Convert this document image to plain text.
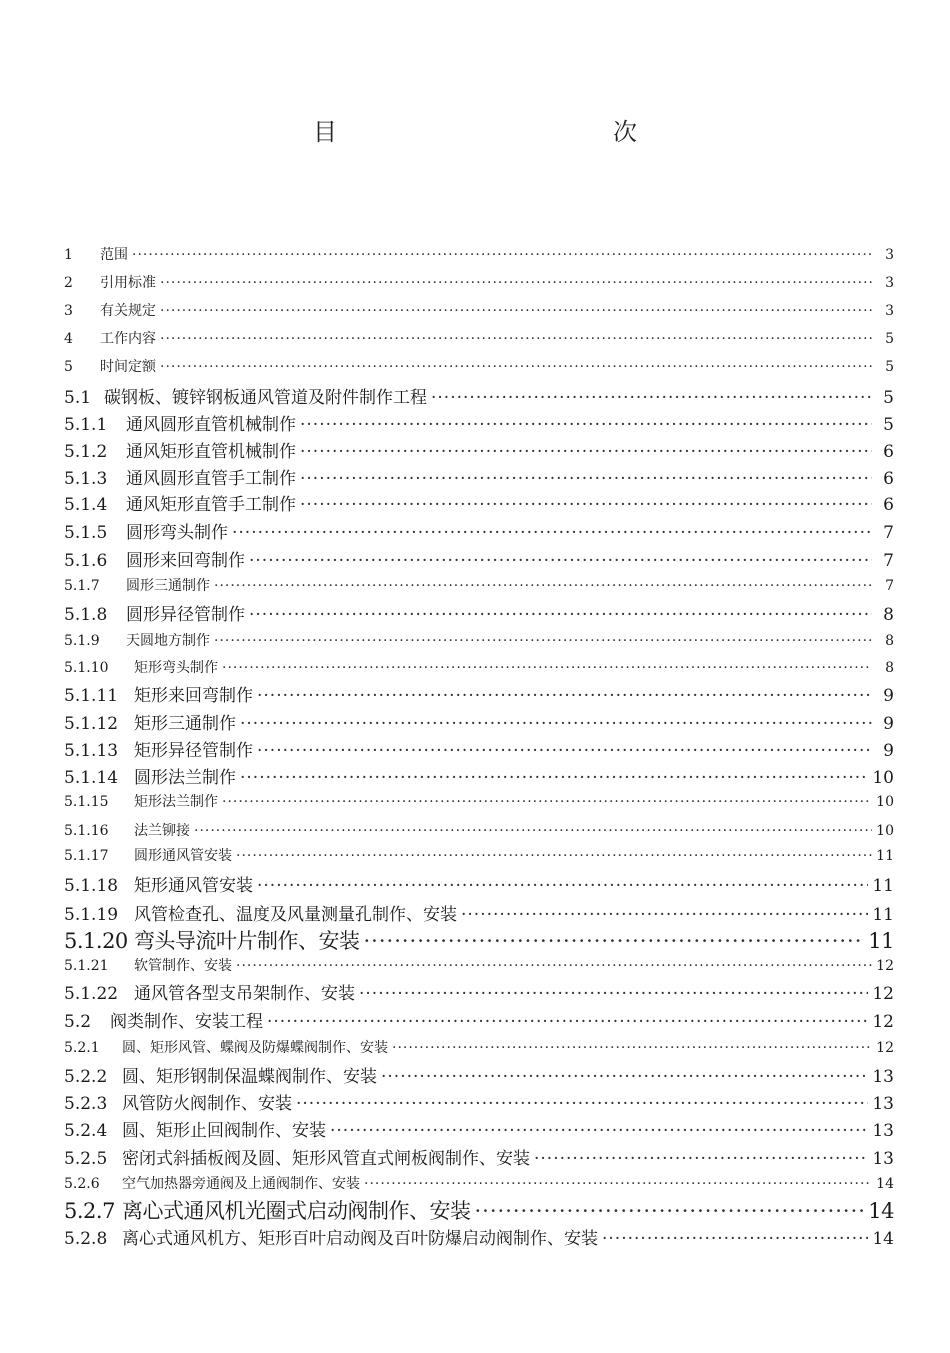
目　　次
1	范围 ·····	3
2	引用标准 ·····	3
3	有关规定 ·····	3
4	工作内容 ·····	5
5	时间定额 ·····	5
5.1 碳钢板、镀锌钢板通风管道及附件制作工程 ·····	5
5.1.1	通风圆形直管机械制作 ·····	5
5.1.2	通风矩形直管机械制作 ·····	6
5.1.3	通风圆形直管手工制作 ·····	6
5.1.4	通风矩形直管手工制作 ·····	6
5.1.5	圆形弯头制作 ·····	7
5.1.6	圆形来回弯制作 ·····	7
5.1.7	圆形三通制作 ·····	7
5.1.8	圆形异径管制作 ·····	8
5.1.9	天圆地方制作 ·····	8
5.1.10	矩形弯头制作 ·····	8
5.1.11 矩形来回弯制作 ·····	9
5.1.12 矩形三通制作 ·····	9
5.1.13 矩形异径管制作 ·····	9
5.1.14 圆形法兰制作 ·····	10
5.1.15	矩形法兰制作 ·····	10
5.1.16	法兰铆接 ·····	10
5.1.17	圆形通风管安装 ·····	11
5.1.18 矩形通风管安装 ·····	11
5.1.19 风管检查孔、温度及风量测量孔制作、安装 ·····	11
5.1.20 弯头导流叶片制作、安装 ·····	11
5.1.21	软管制作、安装 ·····	12
5.1.22 通风管各型支吊架制作、安装 ·····	12
5.2	阀类制作、安装工程 ·····	12
5.2.1	圆、矩形风管、蝶阀及防爆蝶阀制作、安装 ·····	12
5.2.2 圆、矩形钢制保温蝶阀制作、安装 ·····	13
5.2.3 风管防火阀制作、安装 ·····	13
5.2.4 圆、矩形止回阀制作、安装 ·····	13
5.2.5 密闭式斜插板阀及圆、矩形风管直式闸板阀制作、安装 ·····	13
5.2.6	空气加热器旁通阀及上通阀制作、安装 ·····	14
5.2.7 离心式通风机光圈式启动阀制作、安装 ·····	14
5.2.8 离心式通风机方、矩形百叶启动阀及百叶防爆启动阀制作、安装 ·····	14
